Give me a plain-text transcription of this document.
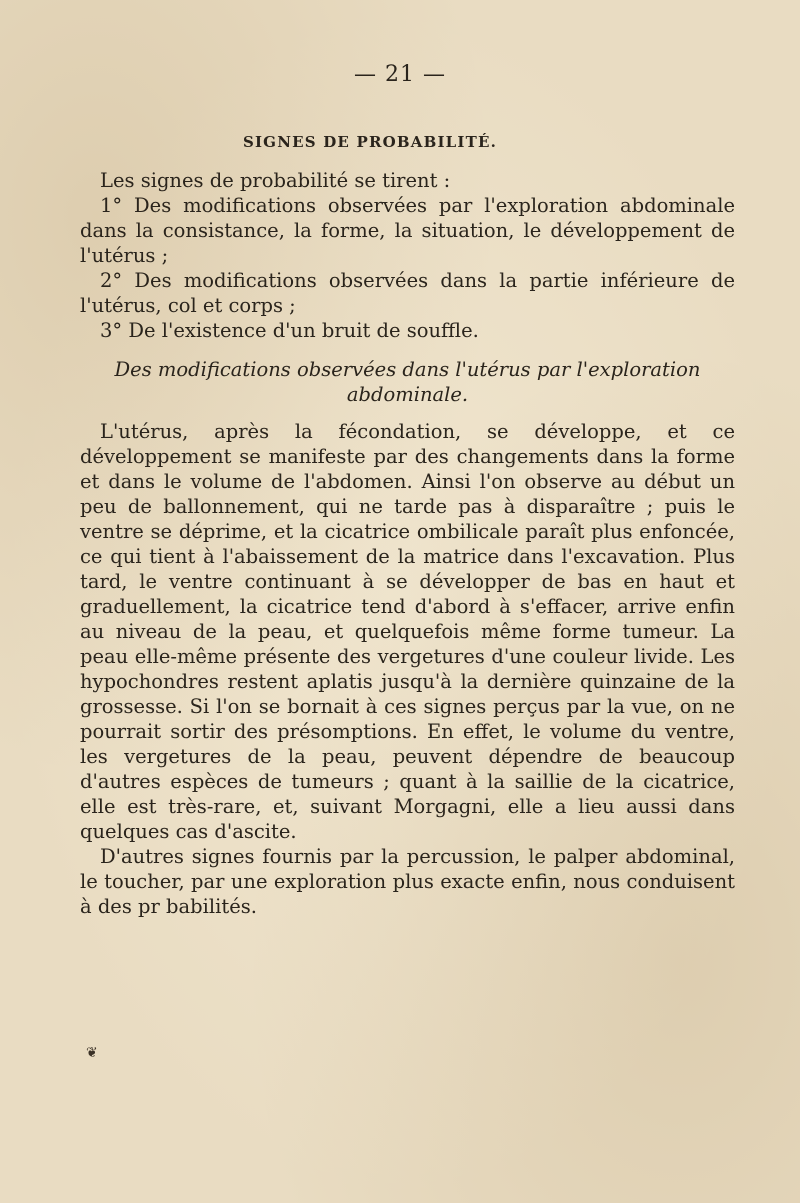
— 21 —
SIGNES DE PROBABILITÉ.

Les signes de probabilité se tirent :

1° Des modifications observées par l'exploration abdominale dans la consistance, la forme, la situation, le développement de l'utérus ;

2° Des modifications observées dans la partie inférieure de l'utérus, col et corps ;

3° De l'existence d'un bruit de souffle.

Des modifications observées dans l'utérus par l'exploration abdominale.

L'utérus, après la fécondation, se développe, et ce développement se manifeste par des changements dans la forme et dans le volume de l'abdomen. Ainsi l'on observe au début un peu de ballonnement, qui ne tarde pas à disparaître ; puis le ventre se déprime, et la cicatrice ombilicale paraît plus enfoncée, ce qui tient à l'abaissement de la matrice dans l'excavation. Plus tard, le ventre continuant à se développer de bas en haut et graduellement, la cicatrice tend d'abord à s'effacer, arrive enfin au niveau de la peau, et quelquefois même forme tumeur. La peau elle-même présente des vergetures d'une couleur livide. Les hypochondres restent aplatis jusqu'à la dernière quinzaine de la grossesse. Si l'on se bornait à ces signes perçus par la vue, on ne pourrait sortir des présomptions. En effet, le volume du ventre, les vergetures de la peau, peuvent dépendre de beaucoup d'autres espèces de tumeurs ; quant à la saillie de la cicatrice, elle est très-rare, et, suivant Morgagni, elle a lieu aussi dans quelques cas d'ascite.

D'autres signes fournis par la percussion, le palper abdominal, le toucher, par une exploration plus exacte enfin, nous conduisent à des pr babilités.

❦
